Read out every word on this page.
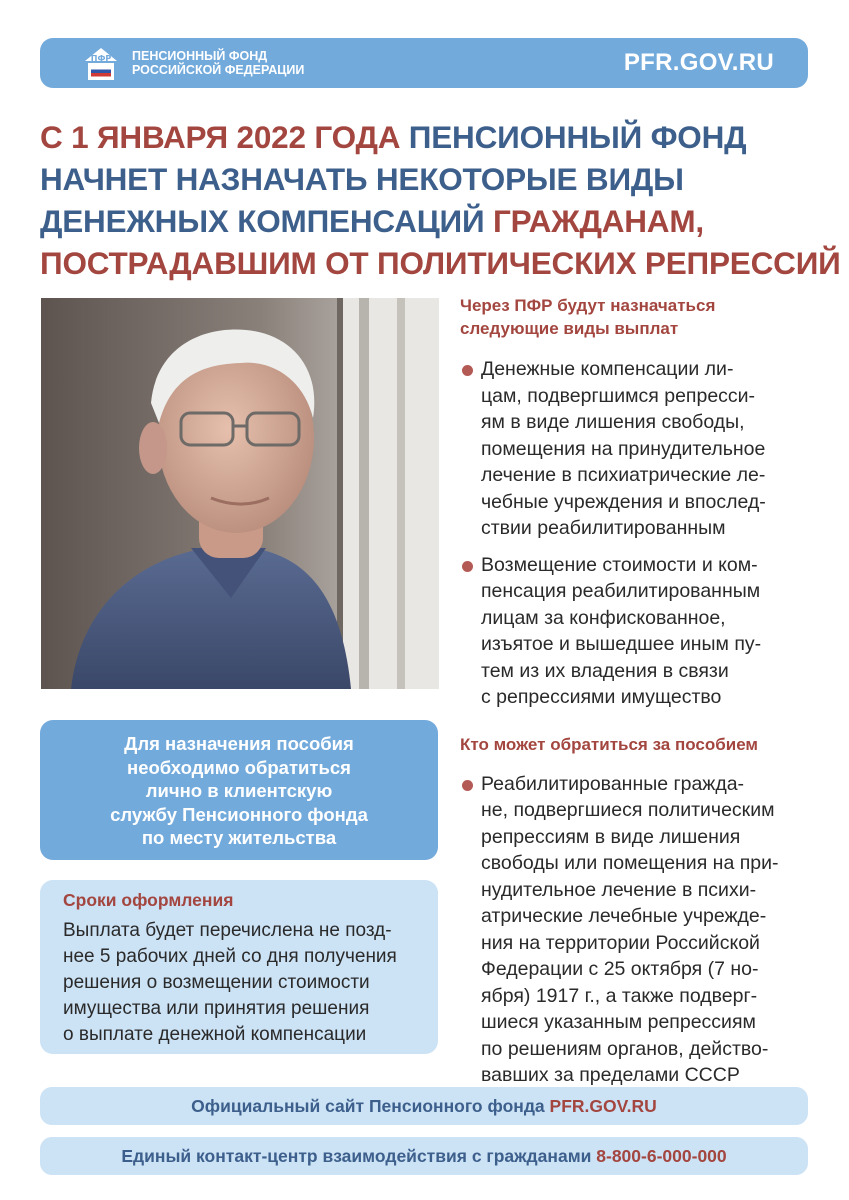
ПФР ПЕНСИОННЫЙ ФОНД
РОССИЙСКОЙ ФЕДЕРАЦИИ	PFR.GOV.RU
С 1 ЯНВАРЯ 2022 ГОДА ПЕНСИОННЫЙ ФОНД
НАЧНЕТ НАЗНАЧАТЬ НЕКОТОРЫЕ ВИДЫ
ДЕНЕЖНЫХ КОМПЕНСАЦИЙ ГРАЖДАНАМ,
ПОСТРАДАВШИМ ОТ ПОЛИТИЧЕСКИХ РЕПРЕССИЙ
Через ПФР будут назначаться
следующие виды выплат
Денежные компенсации ли-
цам, подвергшимся репресси-
ям в виде лишения свободы,
помещения на принудительное
лечение в психиатрические ле-
чебные учреждения и впослед-
ствии реабилитированным
Возмещение стоимости и ком-
пенсация реабилитированным
лицам за конфискованное,
изъятое и вышедшее иным пу-
тем из их владения в связи
с репрессиями имущество
Кто может обратиться за пособием
Реабилитированные гражда-
не, подвергшиеся политическим
репрессиям в виде лишения
свободы или помещения на при-
нудительное лечение в психи-
атрические лечебные учрежде-
ния на территории Российской
Федерации с 25 октября (7 но-
ября) 1917 г., а также подверг-
шиеся указанным репрессиям
по решениям органов, действо-
вавших за пределами СССР
Для назначения пособия
необходимо обратиться
лично в клиентскую
службу Пенсионного фонда
по месту жительства
Сроки оформления
Выплата будет перечислена не позд-
нее 5 рабочих дней со дня получения
решения о возмещении стоимости
имущества или принятия решения
о выплате денежной компенсации
Официальный сайт Пенсионного фонда PFR.GOV.RU
Единый контакт-центр взаимодействия с гражданами 8-800-6-000-000
